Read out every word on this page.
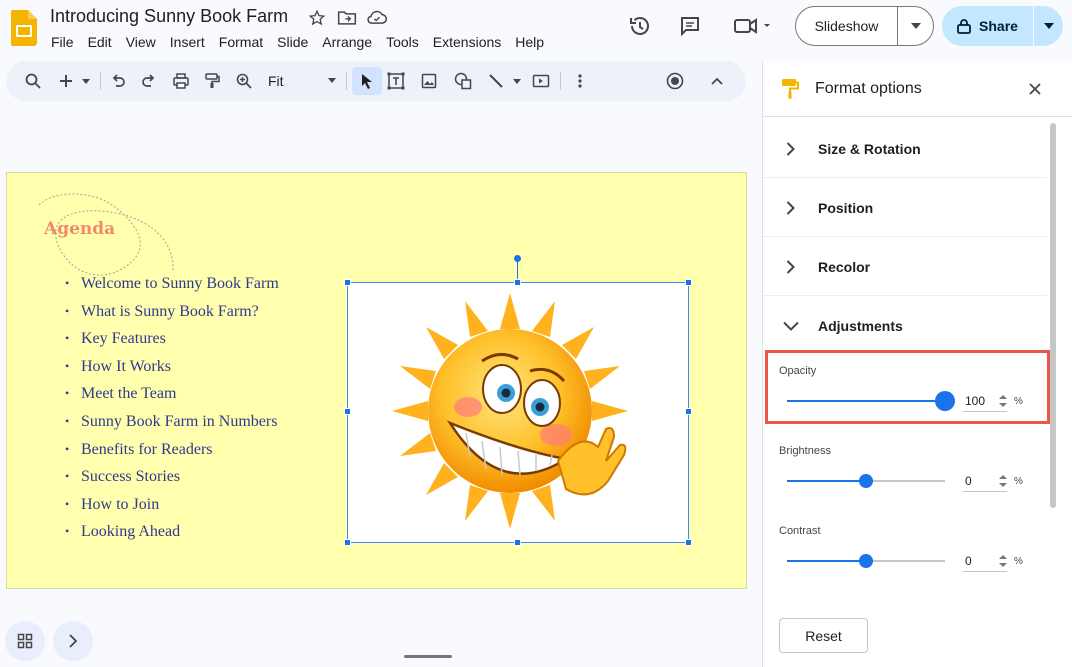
Introducing Sunny Book Farm
File Edit View Insert Format Slide Arrange Tools Extensions Help
Slideshow	Share
Fit
Agenda
• Welcome to Sunny Book Farm
• What is Sunny Book Farm?
• Key Features
• How It Works
• Meet the Team
• Sunny Book Farm in Numbers
• Benefits for Readers
• Success Stories
• How to Join
• Looking Ahead
Format options
Size & Rotation
Position
Recolor
Adjustments
Opacity
100	%
Brightness
0	%
Contrast
0	%
Reset
